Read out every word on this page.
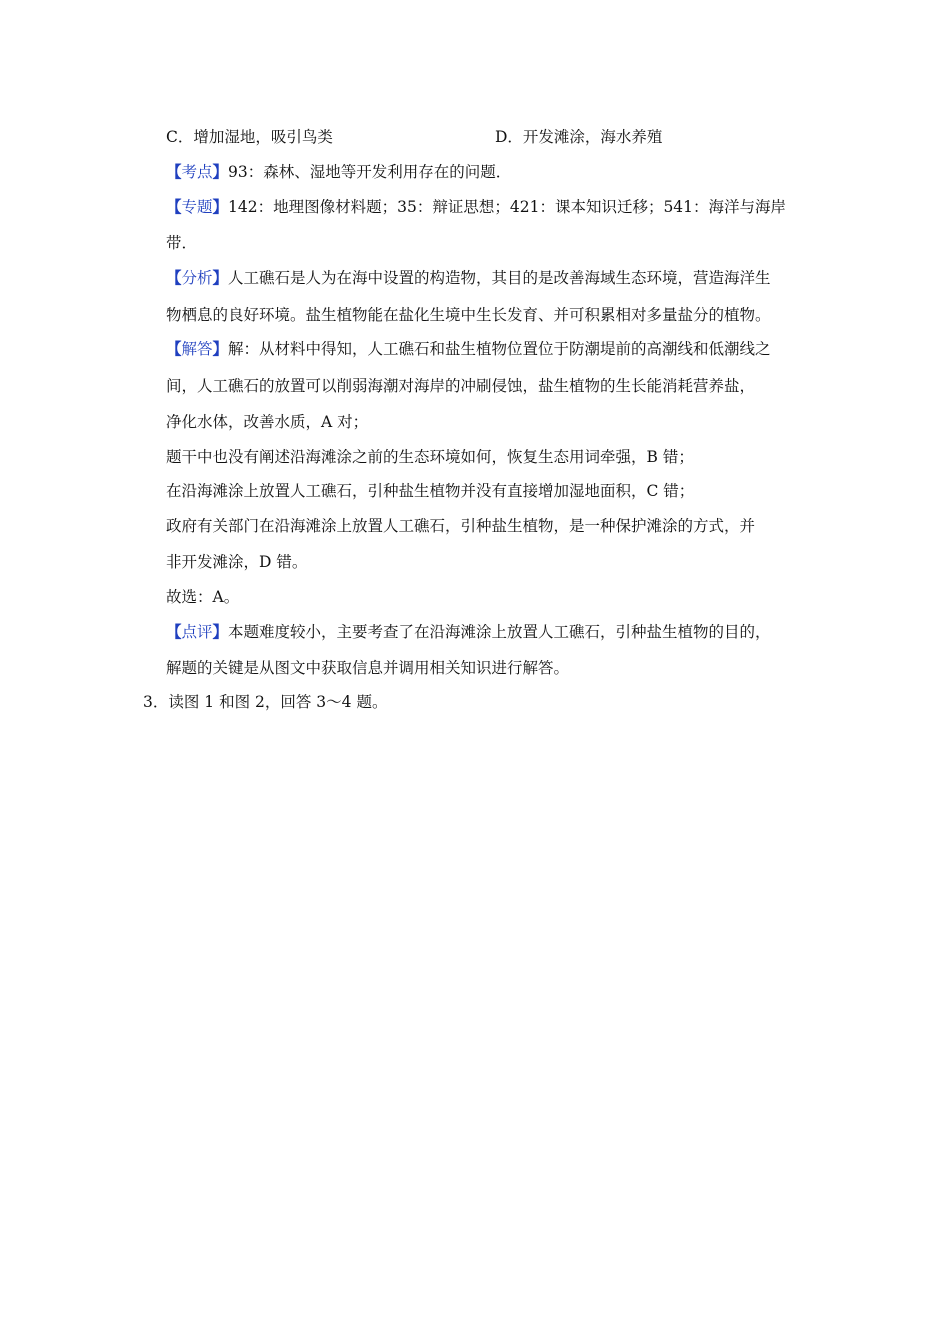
C．增加湿地，吸引鸟类	D．开发滩涂，海水养殖
【考点】93：森林、湿地等开发利用存在的问题．
【专题】142：地理图像材料题；35：辩证思想；421：课本知识迁移；541：海洋与海岸
带．
【分析】人工礁石是人为在海中设置的构造物，其目的是改善海域生态环境，营造海洋生
物栖息的良好环境。盐生植物能在盐化生境中生长发育、并可积累相对多量盐分的植物。
【解答】解：从材料中得知，人工礁石和盐生植物位置位于防潮堤前的高潮线和低潮线之
间，人工礁石的放置可以削弱海潮对海岸的冲刷侵蚀，盐生植物的生长能消耗营养盐，
净化水体，改善水质，A 对；
题干中也没有阐述沿海滩涂之前的生态环境如何，恢复生态用词牵强，B 错；
在沿海滩涂上放置人工礁石，引种盐生植物并没有直接增加湿地面积，C 错；
政府有关部门在沿海滩涂上放置人工礁石，引种盐生植物，是一种保护滩涂的方式，并
非开发滩涂，D 错。
故选：A。
【点评】本题难度较小，主要考查了在沿海滩涂上放置人工礁石，引种盐生植物的目的，
解题的关键是从图文中获取信息并调用相关知识进行解答。
3．读图 1 和图 2，回答 3～4 题。
